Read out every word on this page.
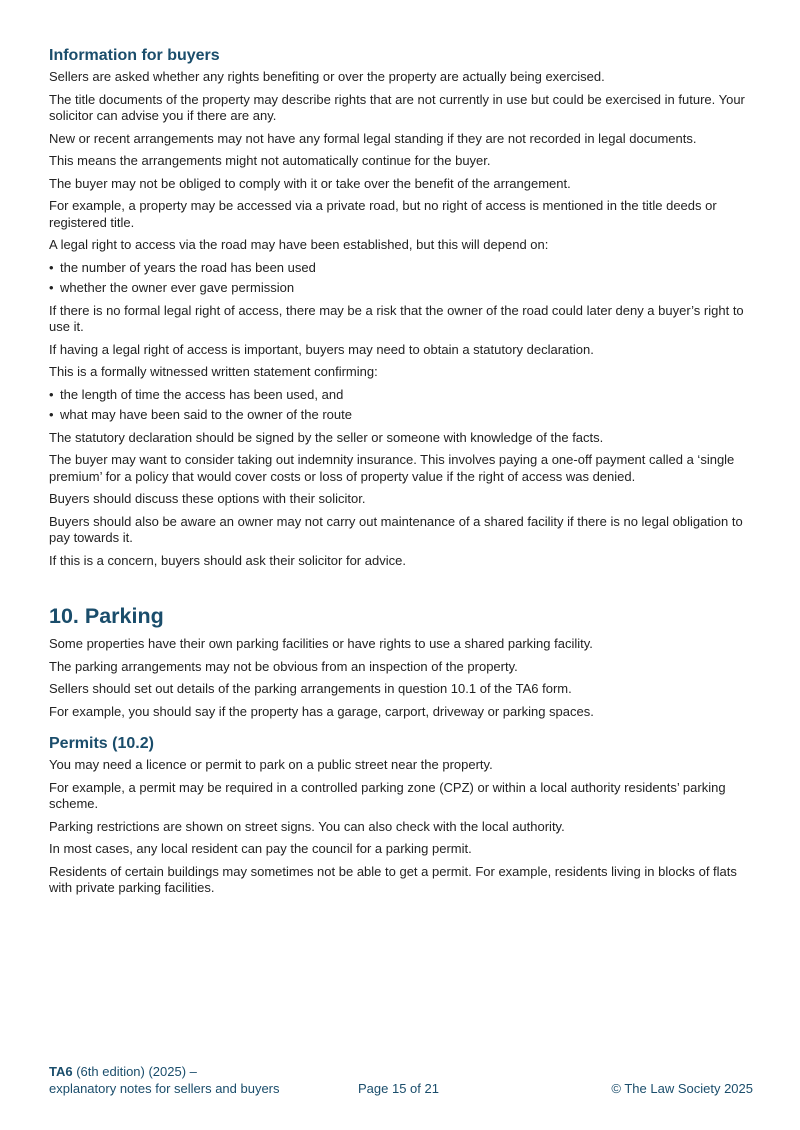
Information for buyers

Sellers are asked whether any rights benefiting or over the property are actually being exercised.

The title documents of the property may describe rights that are not currently in use but could be exercised in future. Your solicitor can advise you if there are any.

New or recent arrangements may not have any formal legal standing if they are not recorded in legal documents.

This means the arrangements might not automatically continue for the buyer.

The buyer may not be obliged to comply with it or take over the benefit of the arrangement.

For example, a property may be accessed via a private road, but no right of access is mentioned in the title deeds or registered title.

A legal right to access via the road may have been established, but this will depend on:

• the number of years the road has been used
• whether the owner ever gave permission

If there is no formal legal right of access, there may be a risk that the owner of the road could later deny a buyer’s right to use it.

If having a legal right of access is important, buyers may need to obtain a statutory declaration.

This is a formally witnessed written statement confirming:

• the length of time the access has been used, and
• what may have been said to the owner of the route

The statutory declaration should be signed by the seller or someone with knowledge of the facts.

The buyer may want to consider taking out indemnity insurance. This involves paying a one-off payment called a ‘single premium’ for a policy that would cover costs or loss of property value if the right of access was denied.

Buyers should discuss these options with their solicitor.

Buyers should also be aware an owner may not carry out maintenance of a shared facility if there is no legal obligation to pay towards it.

If this is a concern, buyers should ask their solicitor for advice.

10. Parking

Some properties have their own parking facilities or have rights to use a shared parking facility.

The parking arrangements may not be obvious from an inspection of the property.

Sellers should set out details of the parking arrangements in question 10.1 of the TA6 form.

For example, you should say if the property has a garage, carport, driveway or parking spaces.

Permits (10.2)

You may need a licence or permit to park on a public street near the property.

For example, a permit may be required in a controlled parking zone (CPZ) or within a local authority residents’ parking scheme.

Parking restrictions are shown on street signs. You can also check with the local authority.

In most cases, any local resident can pay the council for a parking permit.

Residents of certain buildings may sometimes not be able to get a permit. For example, residents living in blocks of flats with private parking facilities.

TA6 (6th edition) (2025) –
explanatory notes for sellers and buyers	Page 15 of 21	© The Law Society 2025
